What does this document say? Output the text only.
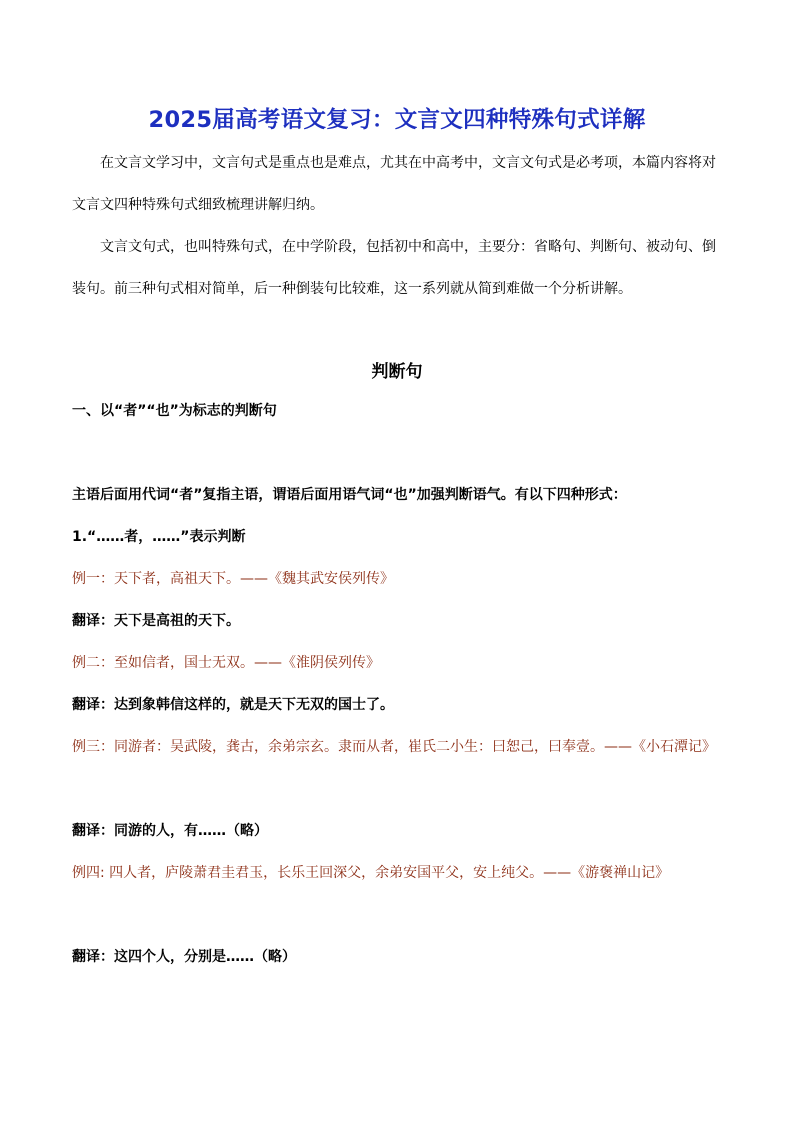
2025届高考语文复习：文言文四种特殊句式详解
在文言文学习中，文言句式是重点也是难点，尤其在中高考中，文言文句式是必考项，本篇内容将对文言文四种特殊句式细致梳理讲解归纳。
文言文句式，也叫特殊句式，在中学阶段，包括初中和高中，主要分：省略句、判断句、被动句、倒装句。前三种句式相对简单，后一种倒装句比较难，这一系列就从简到难做一个分析讲解。
判断句
一、以“者”“也”为标志的判断句
主语后面用代词“者”复指主语，谓语后面用语气词“也”加强判断语气。有以下四种形式：
1.“……者，……”表示判断
例一：天下者，高祖天下。——《魏其武安侯列传》
翻译：天下是高祖的天下。
例二：至如信者，国士无双。——《淮阴侯列传》
翻译：达到象韩信这样的，就是天下无双的国士了。
例三：同游者：吴武陵，龚古，余弟宗玄。隶而从者，崔氏二小生：曰恕己，曰奉壹。——《小石潭记》
翻译：同游的人，有……（略）
例四: 四人者，庐陵萧君圭君玉，长乐王回深父，余弟安国平父，安上纯父。——《游褒禅山记》
翻译：这四个人，分别是……（略）
